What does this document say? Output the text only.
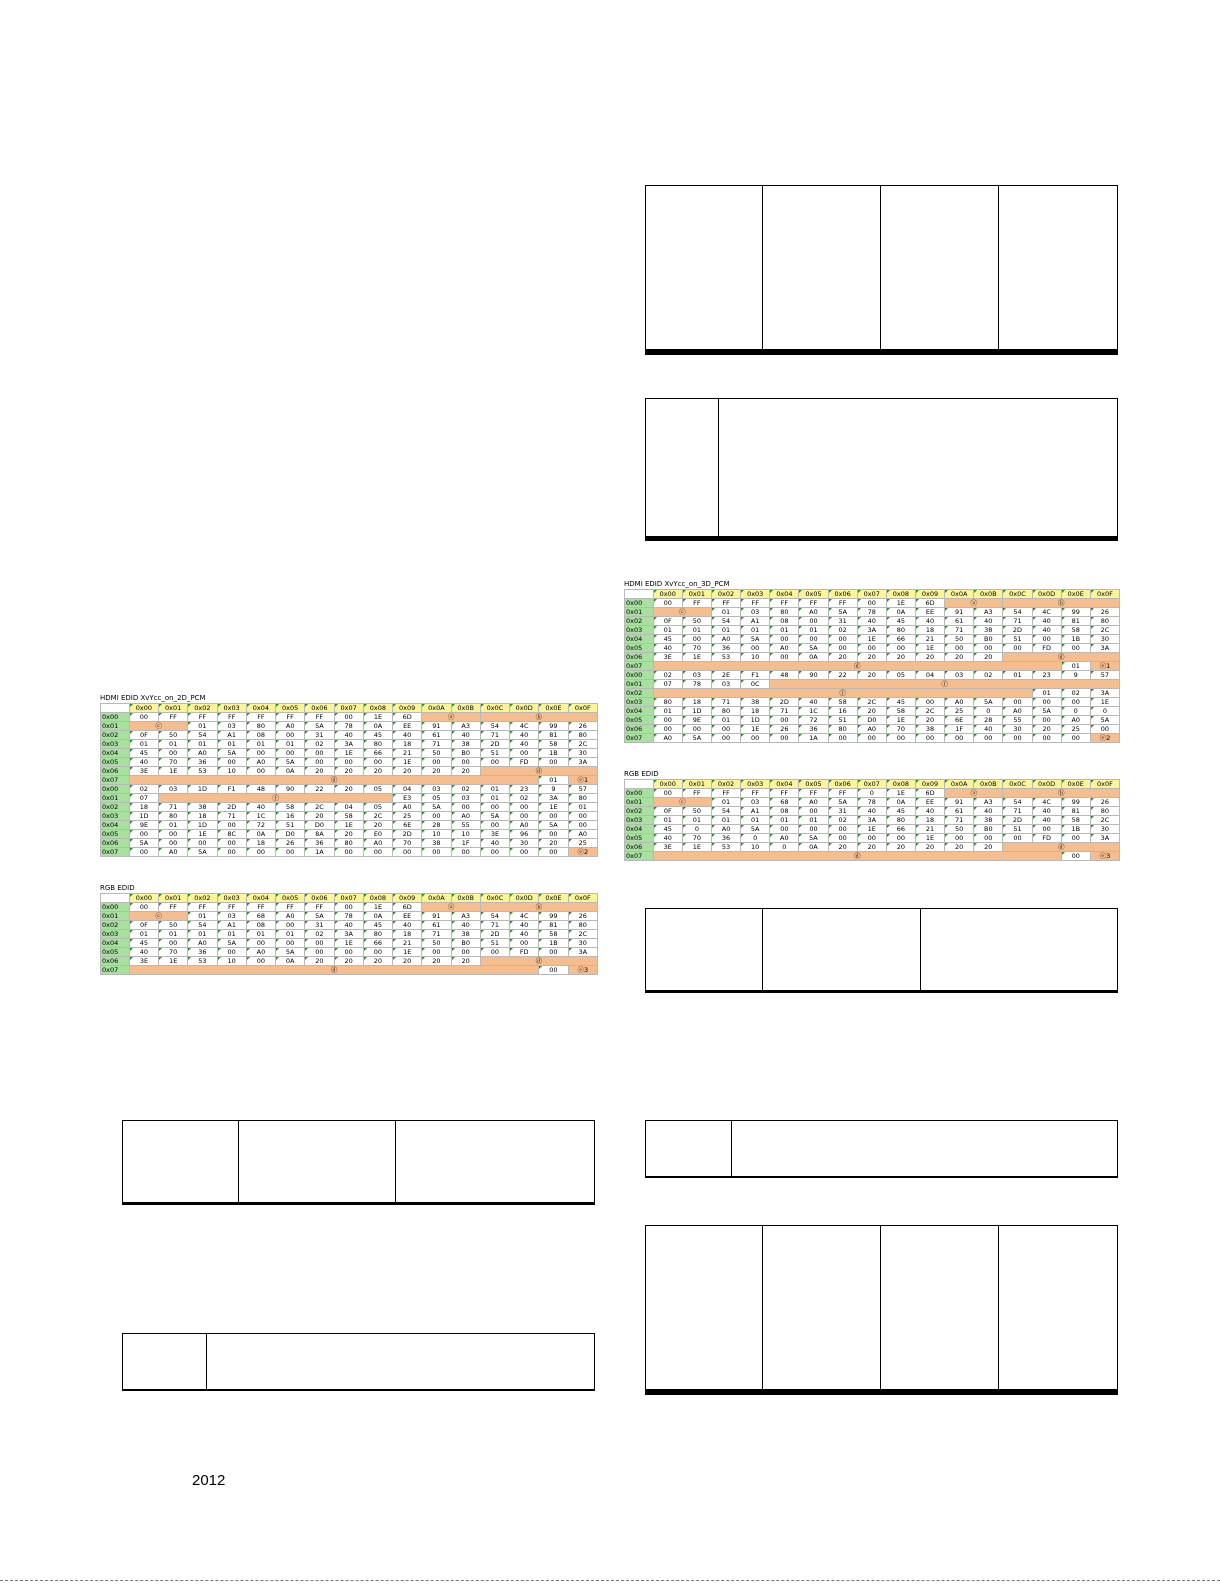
HDMI EDID XvYcc_on_2D_PCM
	0x00	0x01	0x02	0x03	0x04	0x05	0x06	0x07	0x08	0x09	0x0A	0x0B	0x0C	0x0D	0x0E	0x0F
0x00	00	FF	FF	FF	FF	FF	FF	00	1E	6D	ⓐ		ⓑ			
0x01	ⓒ		01	03	80	A0	5A	78	0A	EE	91	A3	54	4C	99	26
0x02	0F	50	54	A1	08	00	31	40	45	40	61	40	71	40	81	80
0x03	01	01	01	01	01	01	02	3A	80	18	71	38	2D	40	58	2C
0x04	45	00	A0	5A	00	00	00	1E	66	21	50	B0	51	00	1B	30
0x05	40	70	36	00	A0	5A	00	00	00	1E	00	00	00	FD	00	3A
0x06	3E	1E	53	10	00	0A	20	20	20	20	20	20	ⓓ			
0x07	ⓓ														01	ⓔ1
0x00	02	03	1D	F1	48	90	22	20	05	04	03	02	01	23	9	57
0x01	07	ⓕ								E3	05	03	01	02	3A	80
0x02	18	71	38	2D	40	58	2C	04	05	A0	5A	00	00	00	1E	01
0x03	1D	80	18	71	1C	16	20	58	2C	25	00	A0	5A	00	00	00
0x04	9E	01	1D	00	72	51	D0	1E	20	6E	28	55	00	A0	5A	00
0x05	00	00	1E	8C	0A	D0	8A	20	E0	2D	10	10	3E	96	00	A0
0x06	5A	00	00	00	18	26	36	80	A0	70	38	1F	40	30	20	25
0x07	00	A0	5A	00	00	00	1A	00	00	00	00	00	00	00	00	ⓔ2
RGB EDID
	0x00	0x01	0x02	0x03	0x04	0x05	0x06	0x07	0x08	0x09	0x0A	0x0B	0x0C	0x0D	0x0E	0x0F
0x00	00	FF	FF	FF	FF	FF	FF	00	1E	6D	ⓐ		ⓑ			
0x01	ⓒ		01	03	68	A0	5A	78	0A	EE	91	A3	54	4C	99	26
0x02	0F	50	54	A1	08	00	31	40	45	40	61	40	71	40	81	80
0x03	01	01	01	01	01	01	02	3A	80	18	71	38	2D	40	58	2C
0x04	45	00	A0	5A	00	00	00	1E	66	21	50	B0	51	00	1B	30
0x05	40	70	36	00	A0	5A	00	00	00	1E	00	00	00	FD	00	3A
0x06	3E	1E	53	10	00	0A	20	20	20	20	20	20	ⓓ			
0x07	ⓓ														00	ⓔ3
HDMI EDID XvYcc_on_3D_PCM
	0x00	0x01	0x02	0x03	0x04	0x05	0x06	0x07	0x08	0x09	0x0A	0x0B	0x0C	0x0D	0x0E	0x0F
0x00	00	FF	FF	FF	FF	FF	FF	00	1E	6D	ⓐ		ⓑ			
0x01	ⓒ		01	03	80	A0	5A	78	0A	EE	91	A3	54	4C	99	26
0x02	0F	50	54	A1	08	00	31	40	45	40	61	40	71	40	81	80
0x03	01	01	01	01	01	01	02	3A	80	18	71	38	2D	40	58	2C
0x04	45	00	A0	5A	00	00	00	1E	66	21	50	B0	51	00	1B	30
0x05	40	70	36	00	A0	5A	00	00	00	1E	00	00	00	FD	00	3A
0x06	3E	1E	53	10	00	0A	20	20	20	20	20	20	ⓓ			
0x07	ⓓ														01	ⓔ1
0x00	02	03	2E	F1	48	90	22	20	05	04	03	02	01	23	9	57
0x01	07	78	03	0C	ⓕ											
0x02	ⓕ													01	02	3A
0x03	80	18	71	38	2D	40	58	2C	45	00	A0	5A	00	00	00	1E
0x04	01	1D	80	18	71	1C	16	20	58	2C	25	0	A0	5A	0	0
0x05	00	9E	01	1D	00	72	51	D0	1E	20	6E	28	55	00	A0	5A
0x06	00	00	00	1E	26	36	80	A0	70	38	1F	40	30	20	25	00
0x07	A0	5A	00	00	00	1A	00	00	00	00	00	00	00	00	00	ⓔ2
RGB EDID
	0x00	0x01	0x02	0x03	0x04	0x05	0x06	0x07	0x08	0x09	0x0A	0x0B	0x0C	0x0D	0x0E	0x0F
0x00	00	FF	FF	FF	FF	FF	FF	0	1E	6D	ⓐ		ⓑ			
0x01	ⓒ		01	03	68	A0	5A	78	0A	EE	91	A3	54	4C	99	26
0x02	0F	50	54	A1	08	00	31	40	45	40	61	40	71	40	81	80
0x03	01	01	01	01	01	01	02	3A	80	18	71	38	2D	40	58	2C
0x04	45	0	A0	5A	00	00	00	1E	66	21	50	B0	51	00	1B	30
0x05	40	70	36	0	A0	5A	00	00	00	1E	00	00	00	FD	00	3A
0x06	3E	1E	53	10	0	0A	20	20	20	20	20	20	ⓓ			
0x07	ⓓ														00	ⓔ3
2012
